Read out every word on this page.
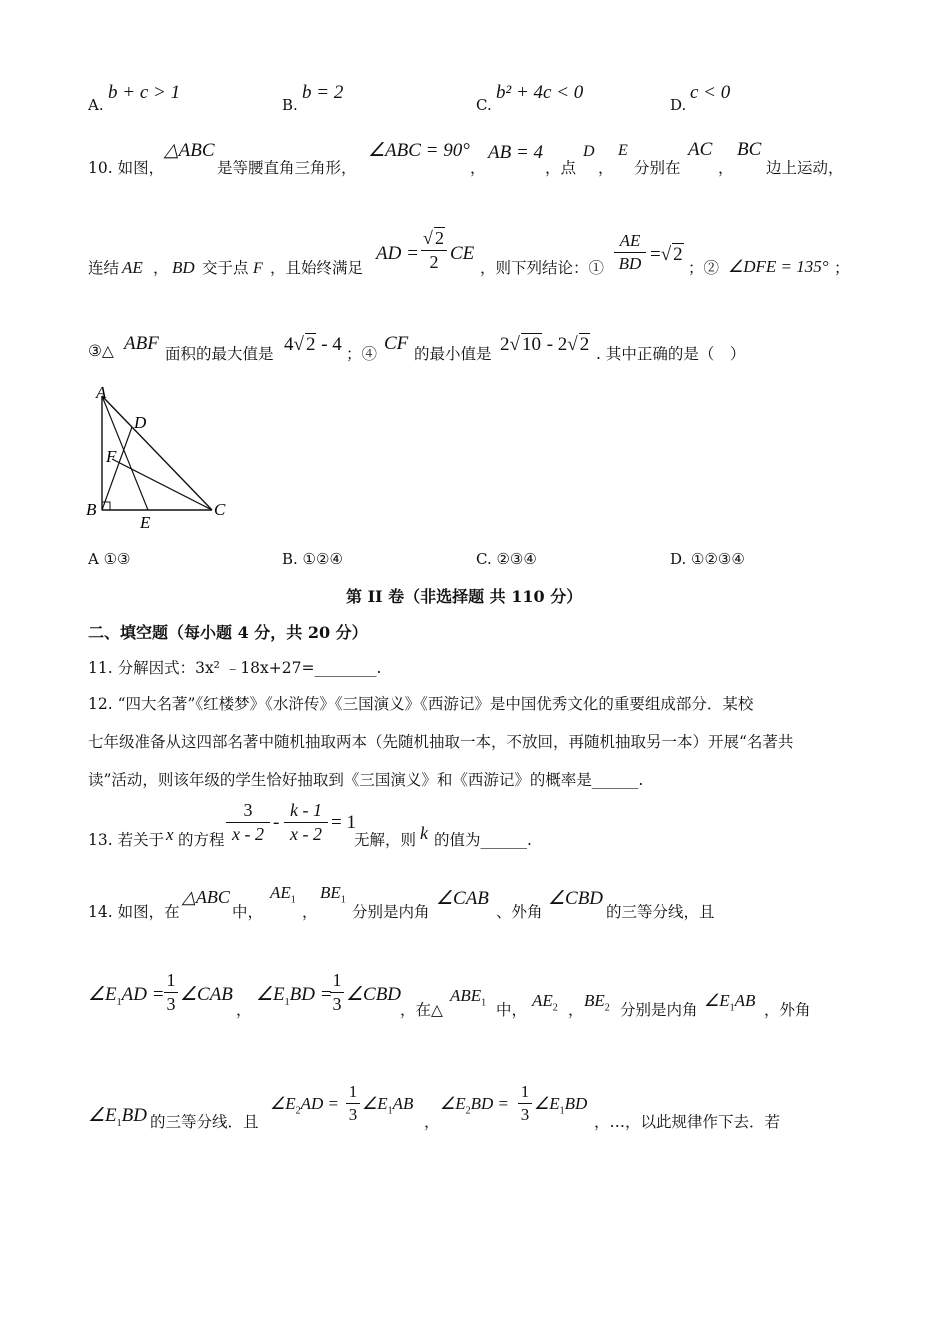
A.
b + c > 1
B.
b = 2
C.
b² + 4c < 0
D.
c < 0
10. 如图，
△ABC
是等腰直角三角形，
∠ABC = 90°
，
AB = 4
，点
D
，
E
分别在
AC
，
BC
边上运动，
连结 AE ， BD 交于点 F ，且始终满足
AD =
√ 2
2 CE
，则下列结论：①
AE
BD =√ 2
；② ∠DFE = 135° ；
③△ ABF 面积的最大值是 4√ 2 - 4 ；④ CF 的最小值是 2√ 10 - 2√ 2 . 其中正确的是（　）
A
D
F
B
E
C
A ①③	B. ①②④	C. ②③④	D. ①②③④
第 II 卷（非选择题 共 110 分）
二、填空题（每小题 4 分，共 20 分）
11. 分解因式：3x² ﹣18x+27=________.
12. “四大名著”《红楼梦》《水浒传》《三国演义》《西游记》是中国优秀文化的重要组成部分．某校
七年级准备从这四部名著中随机抽取两本（先随机抽取一本，不放回，再随机抽取另一本）开展“名著共
读”活动，则该年级的学生恰好抽取到《三国演义》和《西游记》的概率是______.
13. 若关于 x 的方程
3
x - 2
-
k - 1
x - 2
= 1
无解，则 k 的值为______.
14. 如图，在
△ABC
中，
$AE_1$
，
$BE_1$
分别是内角
∠CAB
、外角
∠CBD
的三等分线，且
$\angle E_1AD$ =
1
3 ∠CAB
，
$\angle E_1BD$ =
1
3 ∠CBD
，在△
$ABE_1$ 中， $AE_2$ ， $BE_2$ 分别是内角 $\angle E_1AB$ ，外角
$\angle E_1BD$ 的三等分线．且
$\angle E_2AD$ =
1
3
$\angle E_1AB$
，
$\angle E_2BD$ =
1
3
$\angle E_1BD$
，…，以此规律作下去．若
